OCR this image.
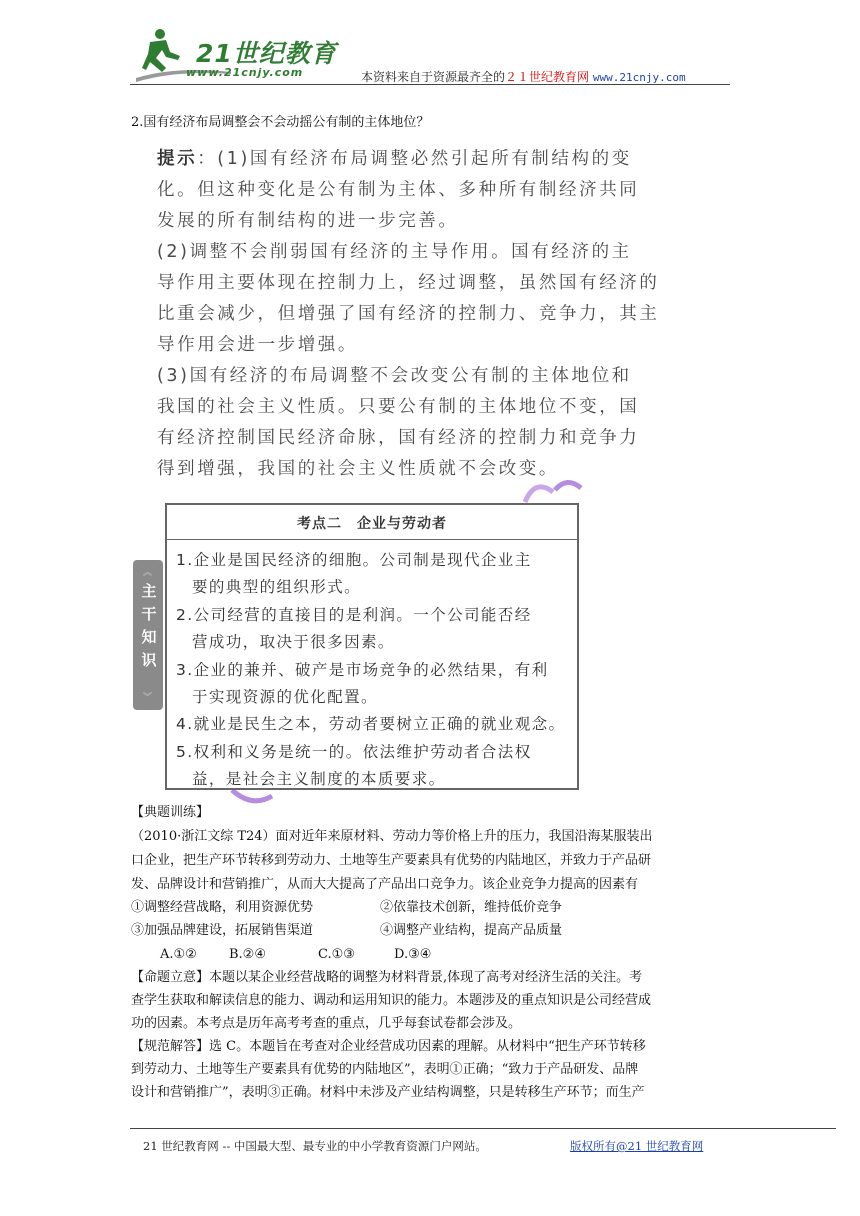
21世纪教育
www.21cnjy.com	本资料来自于资源最齐全的２１世纪教育网 www.21cnjy.com
2.国有经济布局调整会不会动摇公有制的主体地位？
提示：(1)国有经济布局调整必然引起所有制结构的变
化。但这种变化是公有制为主体、多种所有制经济共同
发展的所有制结构的进一步完善。
(2)调整不会削弱国有经济的主导作用。国有经济的主
导作用主要体现在控制力上，经过调整，虽然国有经济的
比重会减少，但增强了国有经济的控制力、竞争力，其主
导作用会进一步增强。
(3)国有经济的布局调整不会改变公有制的主体地位和
我国的社会主义性质。只要公有制的主体地位不变，国
有经济控制国民经济命脉，国有经济的控制力和竞争力
得到增强，我国的社会主义性质就不会改变。
考点二　企业与劳动者
︽
主
干
知
识
︾
1.企业是国民经济的细胞。公司制是现代企业主
要的典型的组织形式。
2.公司经营的直接目的是利润。一个公司能否经
营成功，取决于很多因素。
3.企业的兼并、破产是市场竞争的必然结果，有利
于实现资源的优化配置。
4.就业是民生之本，劳动者要树立正确的就业观念。
5.权利和义务是统一的。依法维护劳动者合法权
益，是社会主义制度的本质要求。
【典题训练】
（2010·浙江文综 T24）面对近年来原材料、劳动力等价格上升的压力，我国沿海某服装出
口企业，把生产环节转移到劳动力、土地等生产要素具有优势的内陆地区，并致力于产品研
发、品牌设计和营销推广，从而大大提高了产品出口竞争力。该企业竞争力提高的因素有
①调整经营战略，利用资源优势	②依靠技术创新，维持低价竞争
③加强品牌建设，拓展销售渠道	④调整产业结构，提高产品质量
A.①② B.②④	C.①③	D.③④
【命题立意】本题以某企业经营战略的调整为材料背景,体现了高考对经济生活的关注。考
查学生获取和解读信息的能力、调动和运用知识的能力。本题涉及的重点知识是公司经营成
功的因素。本考点是历年高考考查的重点，几乎每套试卷都会涉及。
【规范解答】选 C。本题旨在考查对企业经营成功因素的理解。从材料中“把生产环节转移
到劳动力、土地等生产要素具有优势的内陆地区”，表明①正确；“致力于产品研发、品牌
设计和营销推广”，表明③正确。材料中未涉及产业结构调整，只是转移生产环节；而生产
21 世纪教育网 -- 中国最大型、最专业的中小学教育资源门户网站。	版权所有@21 世纪教育网
